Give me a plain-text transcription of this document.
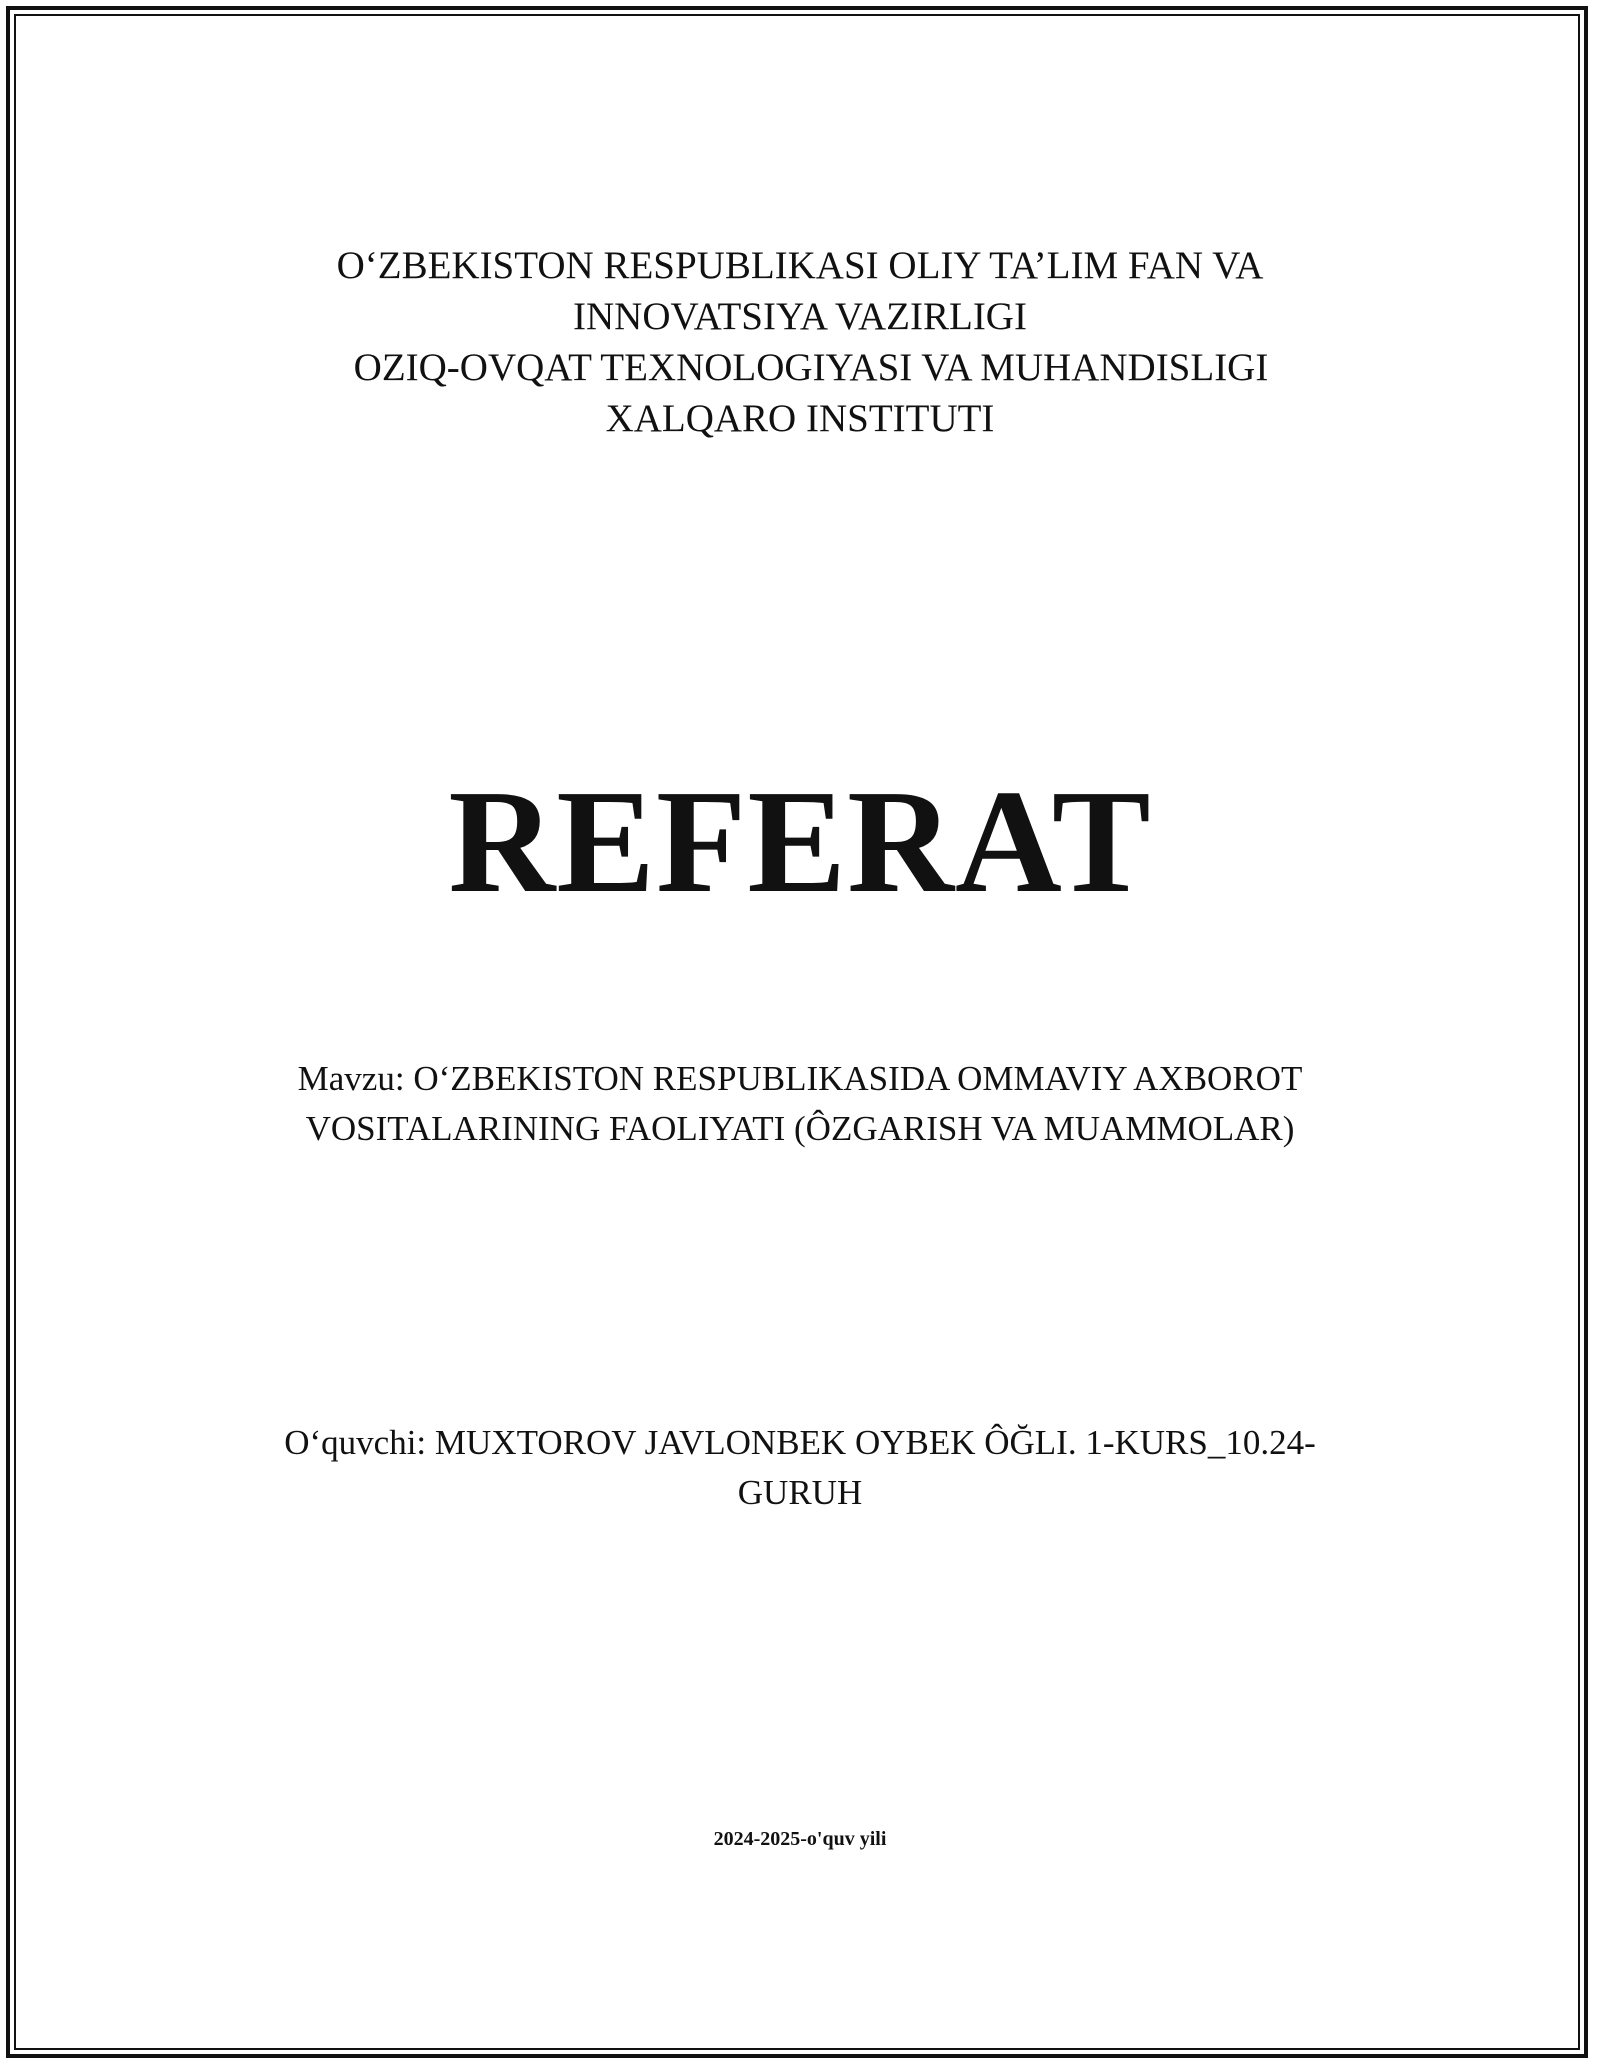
O‘ZBEKISTON RESPUBLIKASI OLIY TA’LIM FAN VA
INNOVATSIYA VAZIRLIGI
OZIQ-OVQAT TEXNOLOGIYASI VA MUHANDISLIGI
XALQARO INSTITUTI
REFERAT
Mavzu: O‘ZBEKISTON RESPUBLIKASIDA OMMAVIY AXBOROT
VOSITALARINING FAOLIYATI (ÔZGARISH VA MUAMMOLAR)
O‘quvchi: MUXTOROV JAVLONBEK OYBEK ÔĞLI. 1-KURS_10.24-
GURUH
2024-2025-o'quv yili
